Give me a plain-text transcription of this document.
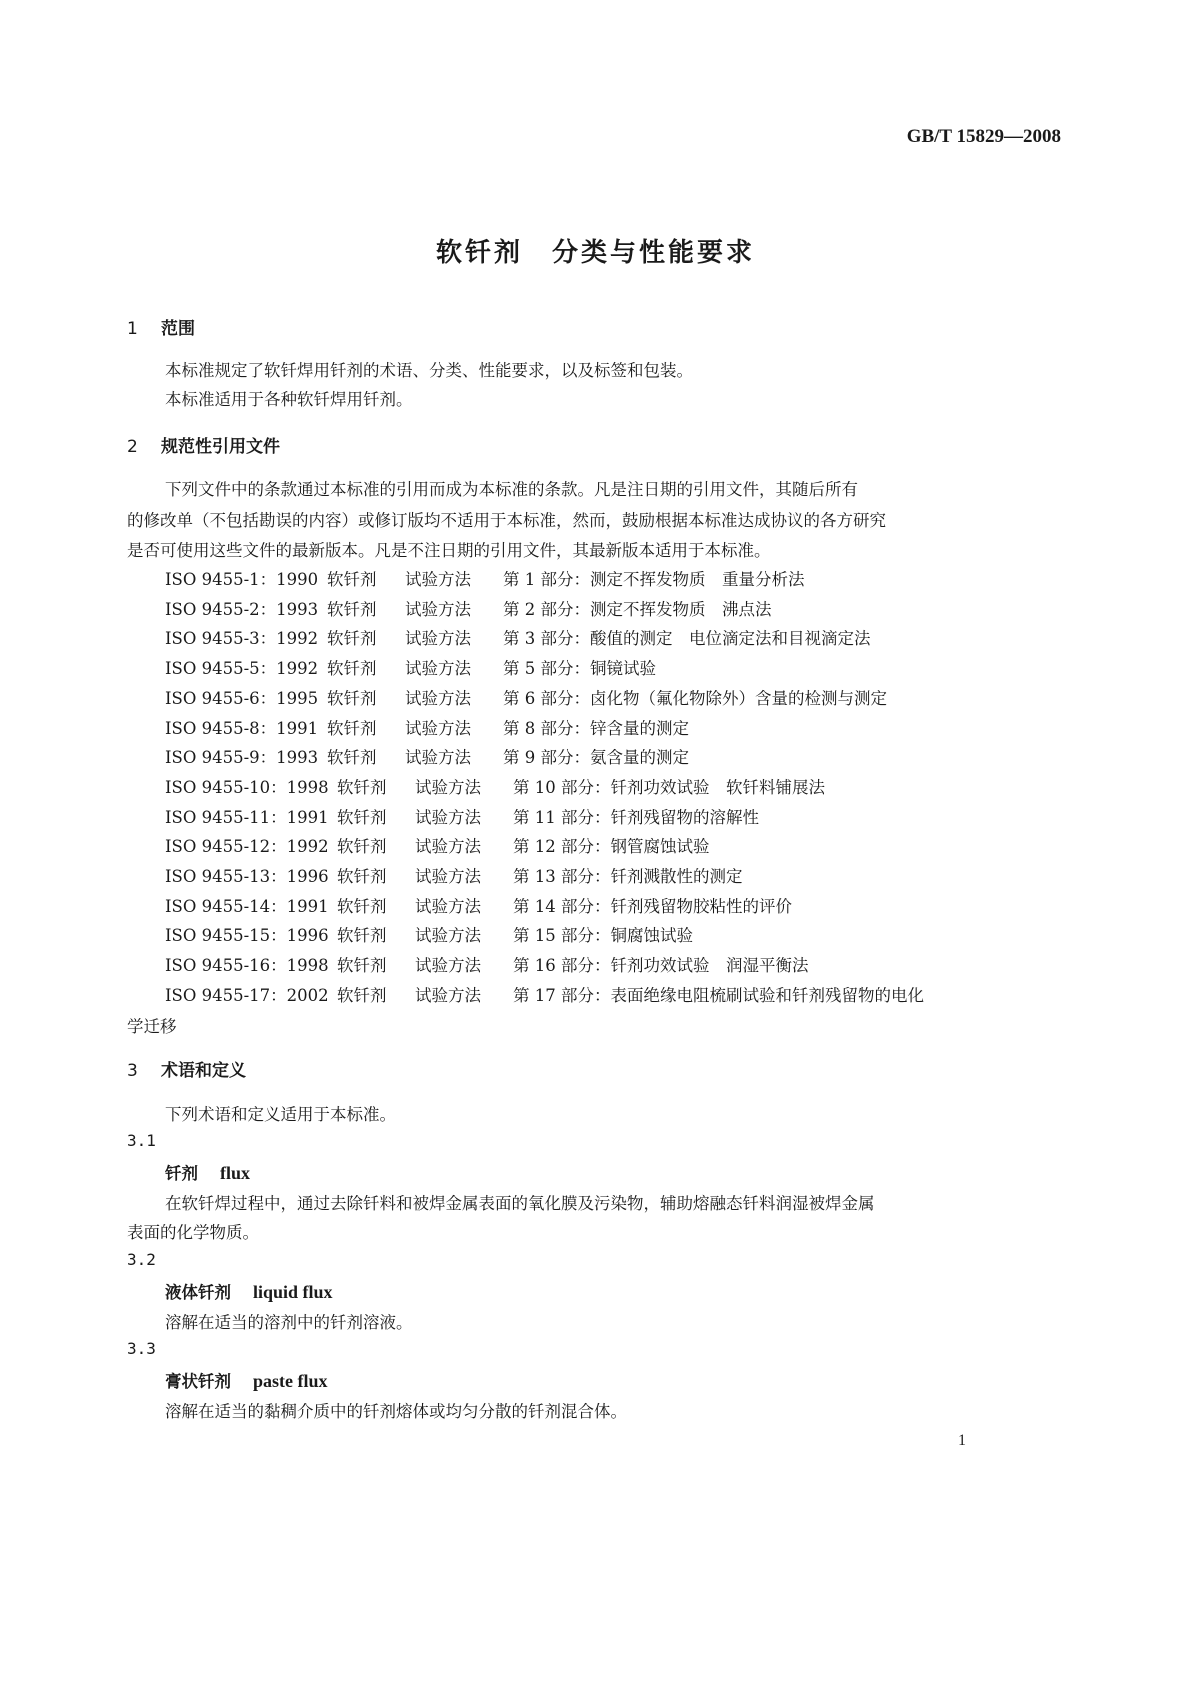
GB/T 15829—2008
软钎剂　分类与性能要求
1 范围
本标准规定了软钎焊用钎剂的术语、分类、性能要求，以及标签和包装。
本标准适用于各种软钎焊用钎剂。
2 规范性引用文件
下列文件中的条款通过本标准的引用而成为本标准的条款。凡是注日期的引用文件，其随后所有
的修改单（不包括勘误的内容）或修订版均不适用于本标准，然而，鼓励根据本标准达成协议的各方研究
是否可使用这些文件的最新版本。凡是不注日期的引用文件，其最新版本适用于本标准。
ISO 9455-1：1990 软钎剂 试验方法 第 1 部分：测定不挥发物质　重量分析法
ISO 9455-2：1993 软钎剂 试验方法 第 2 部分：测定不挥发物质　沸点法
ISO 9455-3：1992 软钎剂 试验方法 第 3 部分：酸值的测定　电位滴定法和目视滴定法
ISO 9455-5：1992 软钎剂 试验方法 第 5 部分：铜镜试验
ISO 9455-6：1995 软钎剂 试验方法 第 6 部分：卤化物（氟化物除外）含量的检测与测定
ISO 9455-8：1991 软钎剂 试验方法 第 8 部分：锌含量的测定
ISO 9455-9：1993 软钎剂 试验方法 第 9 部分：氨含量的测定
ISO 9455-10：1998 软钎剂 试验方法 第 10 部分：钎剂功效试验　软钎料铺展法
ISO 9455-11：1991 软钎剂 试验方法 第 11 部分：钎剂残留物的溶解性
ISO 9455-12：1992 软钎剂 试验方法 第 12 部分：钢管腐蚀试验
ISO 9455-13：1996 软钎剂 试验方法 第 13 部分：钎剂溅散性的测定
ISO 9455-14：1991 软钎剂 试验方法 第 14 部分：钎剂残留物胶粘性的评价
ISO 9455-15：1996 软钎剂 试验方法 第 15 部分：铜腐蚀试验
ISO 9455-16：1998 软钎剂 试验方法 第 16 部分：钎剂功效试验　润湿平衡法
ISO 9455-17：2002 软钎剂 试验方法 第 17 部分：表面绝缘电阻梳刷试验和钎剂残留物的电化
学迁移
3 术语和定义
下列术语和定义适用于本标准。
3.1
钎剂 flux
在软钎焊过程中，通过去除钎料和被焊金属表面的氧化膜及污染物，辅助熔融态钎料润湿被焊金属
表面的化学物质。
3.2
液体钎剂 liquid flux
溶解在适当的溶剂中的钎剂溶液。
3.3
膏状钎剂 paste flux
溶解在适当的黏稠介质中的钎剂熔体或均匀分散的钎剂混合体。
1
